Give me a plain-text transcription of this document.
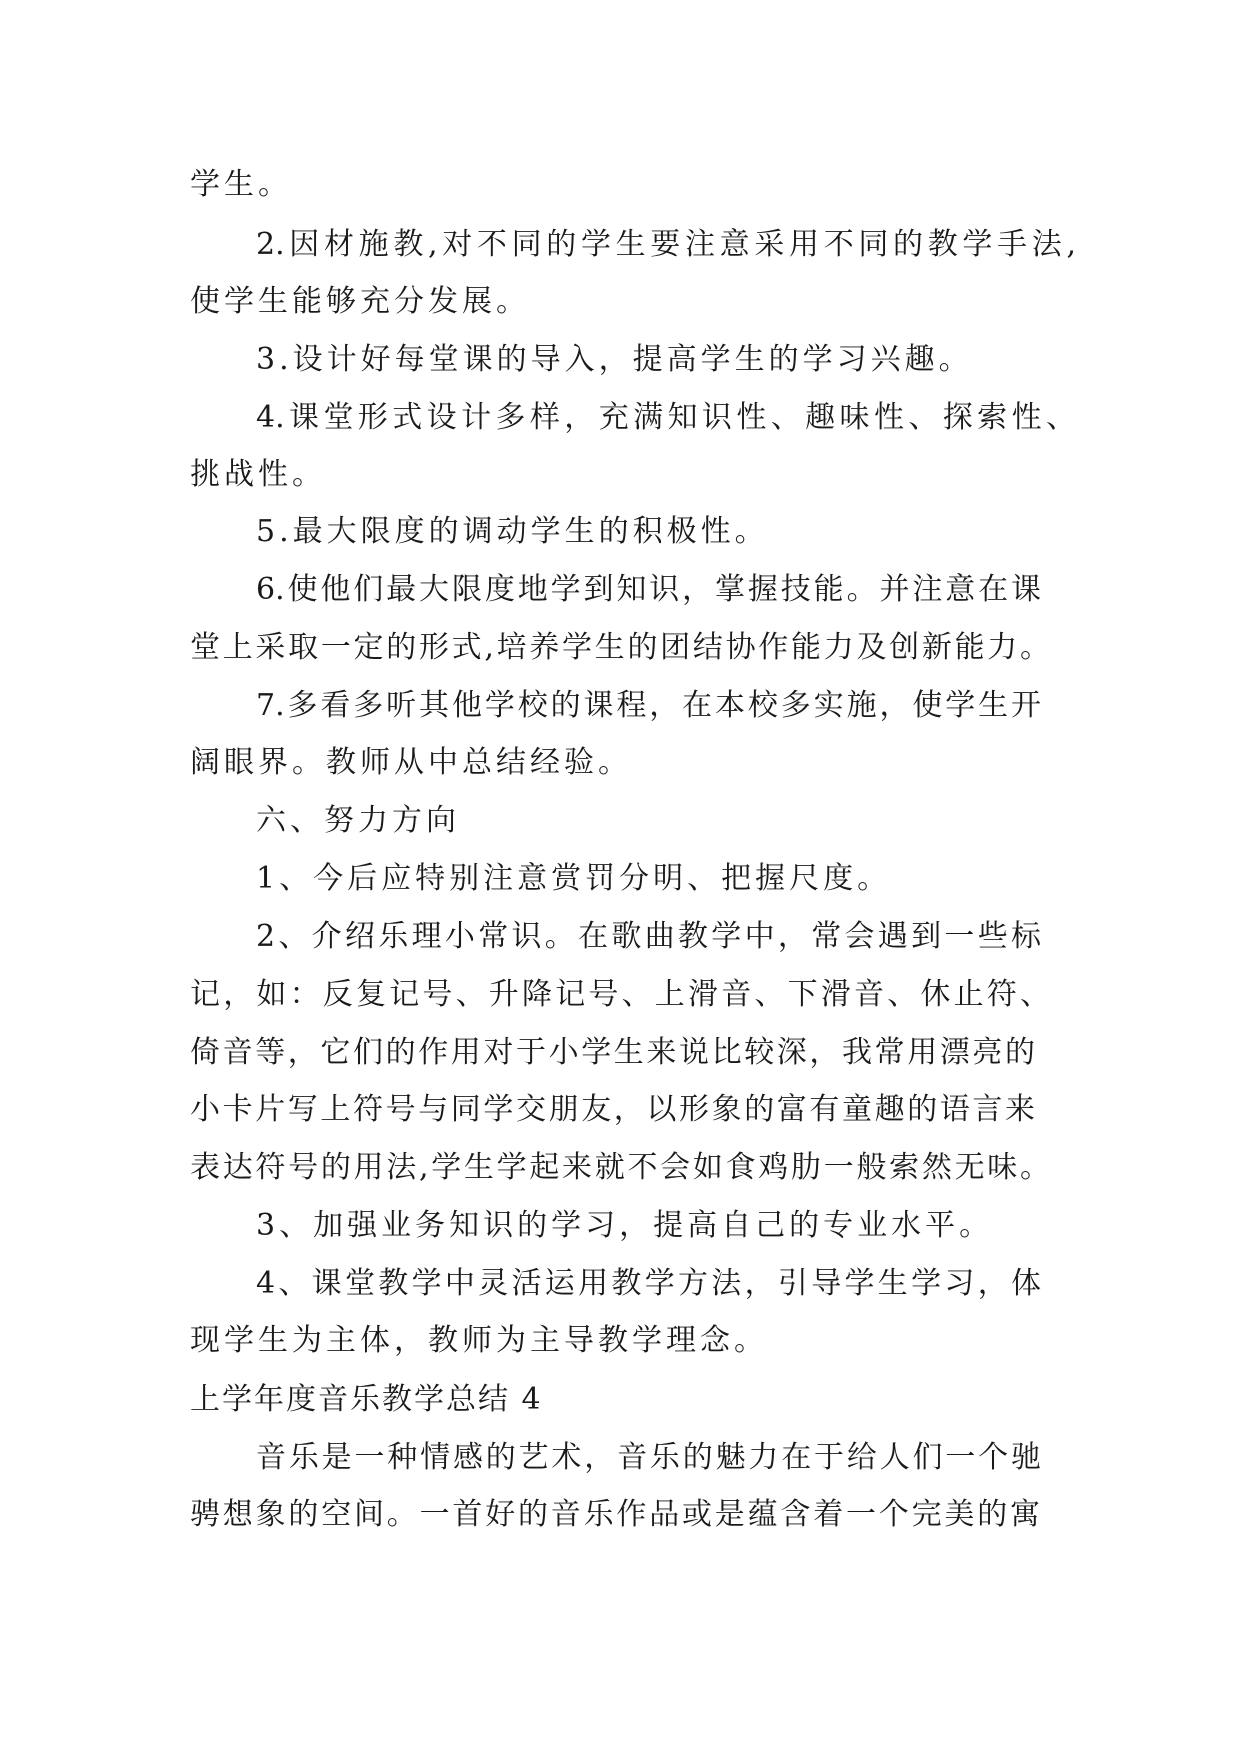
学生。
2.因材施教,对不同的学生要注意采用不同的教学手法,
使学生能够充分发展。
3.设计好每堂课的导入，提高学生的学习兴趣。
4.课堂形式设计多样，充满知识性、趣味性、探索性、
挑战性。
5.最大限度的调动学生的积极性。
6.使他们最大限度地学到知识，掌握技能。并注意在课
堂上采取一定的形式,培养学生的团结协作能力及创新能力。
7.多看多听其他学校的课程，在本校多实施，使学生开
阔眼界。教师从中总结经验。
六、努力方向
1、今后应特别注意赏罚分明、把握尺度。
2、介绍乐理小常识。在歌曲教学中，常会遇到一些标
记，如：反复记号、升降记号、上滑音、下滑音、休止符、
倚音等，它们的作用对于小学生来说比较深，我常用漂亮的
小卡片写上符号与同学交朋友，以形象的富有童趣的语言来
表达符号的用法,学生学起来就不会如食鸡肋一般索然无味。
3、加强业务知识的学习，提高自己的专业水平。
4、课堂教学中灵活运用教学方法，引导学生学习，体
现学生为主体，教师为主导教学理念。
上学年度音乐教学总结 4
音乐是一种情感的艺术，音乐的魅力在于给人们一个驰
骋想象的空间。一首好的音乐作品或是蕴含着一个完美的寓
